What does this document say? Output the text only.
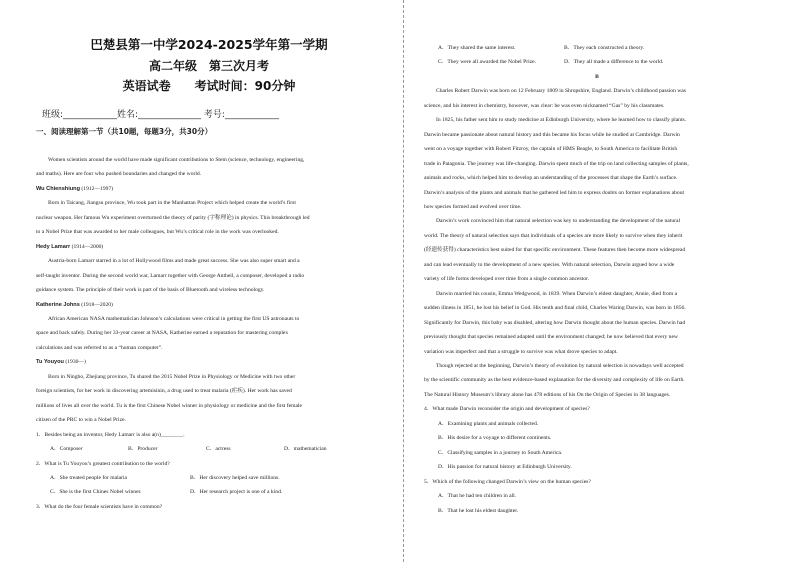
巴楚县第一中学2024-2025学年第一学期
高二年级　第三次月考
英语试卷　　考试时间：90分钟
班级:____________姓名:______________ 考号:____________
一、阅读理解第一节（共10题，每题3分，共30分）

Women scientists around the world have made significant contributions to Stem (science, technology, engineering,

and maths). Here are four who pushed boundaries and changed the world.

Wu Chienshiung (1912—1997)

Born in Taicang, Jiangsu province, Wu took part in the Manhattan Project which helped create the world’s first

nuclear weapon. Her famous Wu experiment overturned the theory of parity (宇称理论) in physics. This breakthrough led

to a Nobel Prize that was awarded to her male colleagues, but Wu’s critical role in the work was overlooked.

Hedy Lamarr (1914—2000)

Austria-born Lamarr starred in a lot of Hollywood films and made great success. She was also super smart and a

self-taught inventor. During the second world war, Lamarr together with George Antheil, a composer, developed a radio

guidance system. The principle of their work is part of the basis of Bluetooth and wireless technology.

Katherine Johns (1918—2020)

African American NASA mathematician Johnson’s calculations were critical in getting the first US astronauts to

space and back safely. During her 33-year career at NASA, Katherine earned a reputation for mastering complex

calculations and was referred to as a “human computer”.

Tu Youyou (1930—)

Born in Ningbo, Zhejiang province, Tu shared the 2015 Nobel Prize in Physiology or Medicine with two other

foreign scientists, for her work in discovering artemisinin, a drug used to treat malaria (疟疾). Her work has saved

millions of lives all over the world. Tu is the first Chinese Nobel winner in physiology or medicine and the first female

citizen of the PRC to win a Nobel Prize.

1．Besides being an inventor, Hedy Lamarr is also a(n)________.

A．Composer	B．Producer	C．actress	D．mathematician

2．What is Tu Youyou’s greatest contribution to the world?

A．She treated people for malaria	B．Her discovery helped save millions.
C．She is the first Chines Nobel winner.	D．Her research project is one of a kind.

3．What do the four female scientists have in common?

A．They shared the same interest.	B．They each constructed a theory.
C．They were all awarded the Nobel Prize.	D．They all made a difference to the world.

B

Charles Robert Darwin was born on 12 February 1809 in Shropshire, England. Darwin’s childhood passion was

science, and his interest in chemistry, however, was clear: he was even nicknamed “Gas” by his classmates.

In 1825, his father sent him to study medicine at Edinburgh University, where he learned how to classify plants.

Darwin became passionate about natural history and this became his focus while he studied at Cambridge. Darwin

went on a voyage together with Robert Fitzroy, the captain of HMS Beagle, to South America to facilitate British

trade in Patagonia. The journey was life-changing. Darwin spent much of the trip on land collecting samples of plants,

animals and rocks, which helped him to develop an understanding of the processes that shape the Earth’s surface.

Darwin’s analysis of the plants and animals that he gathered led him to express doubts on former explanations about

how species formed and evolved over time.

Darwin’s work convinced him that natural selection was key to understanding the development of the natural

world. The theory of natural selection says that individuals of a species are more likely to survive when they inherit

(经遗传获得) characteristics best suited for that specific environment. These features then become more widespread

and can lead eventually to the development of a new species. With natural selection, Darwin argued how a wide

variety of life forms developed over time from a single common ancestor.

Darwin married his cousin, Emma Wedgwood, in 1839. When Darwin’s eldest daughter, Annie, died from a

sudden illness in 1851, he lost his belief in God. His tenth and final child, Charles Waring Darwin, was born in 1856.

Significantly for Darwin, this baby was disabled, altering how Darwin thought about the human species. Darwin had

previously thought that species remained adapted until the environment changed; he now believed that every new

variation was imperfect and that a struggle to survive was what drove species to adapt.

Though rejected at the beginning, Darwin’s theory of evolution by natural selection is nowadays well accepted

by the scientific community as the best evidence-based explanation for the diversity and complexity of life on Earth.

The Natural History Museum’s library alone has 478 editions of his On the Origin of Species in 38 languages.

4．What made Darwin reconsider the origin and development of species?

A．Examining plants and animals collected.

B．His desire for a voyage to different continents.

C．Classifying samples in a journey to South America.

D．His passion for natural history at Edinburgh University.

5．Which of the following changed Darwin’s view on the human species?

A．That he had ten children in all.

B．That he lost his eldest daughter.
